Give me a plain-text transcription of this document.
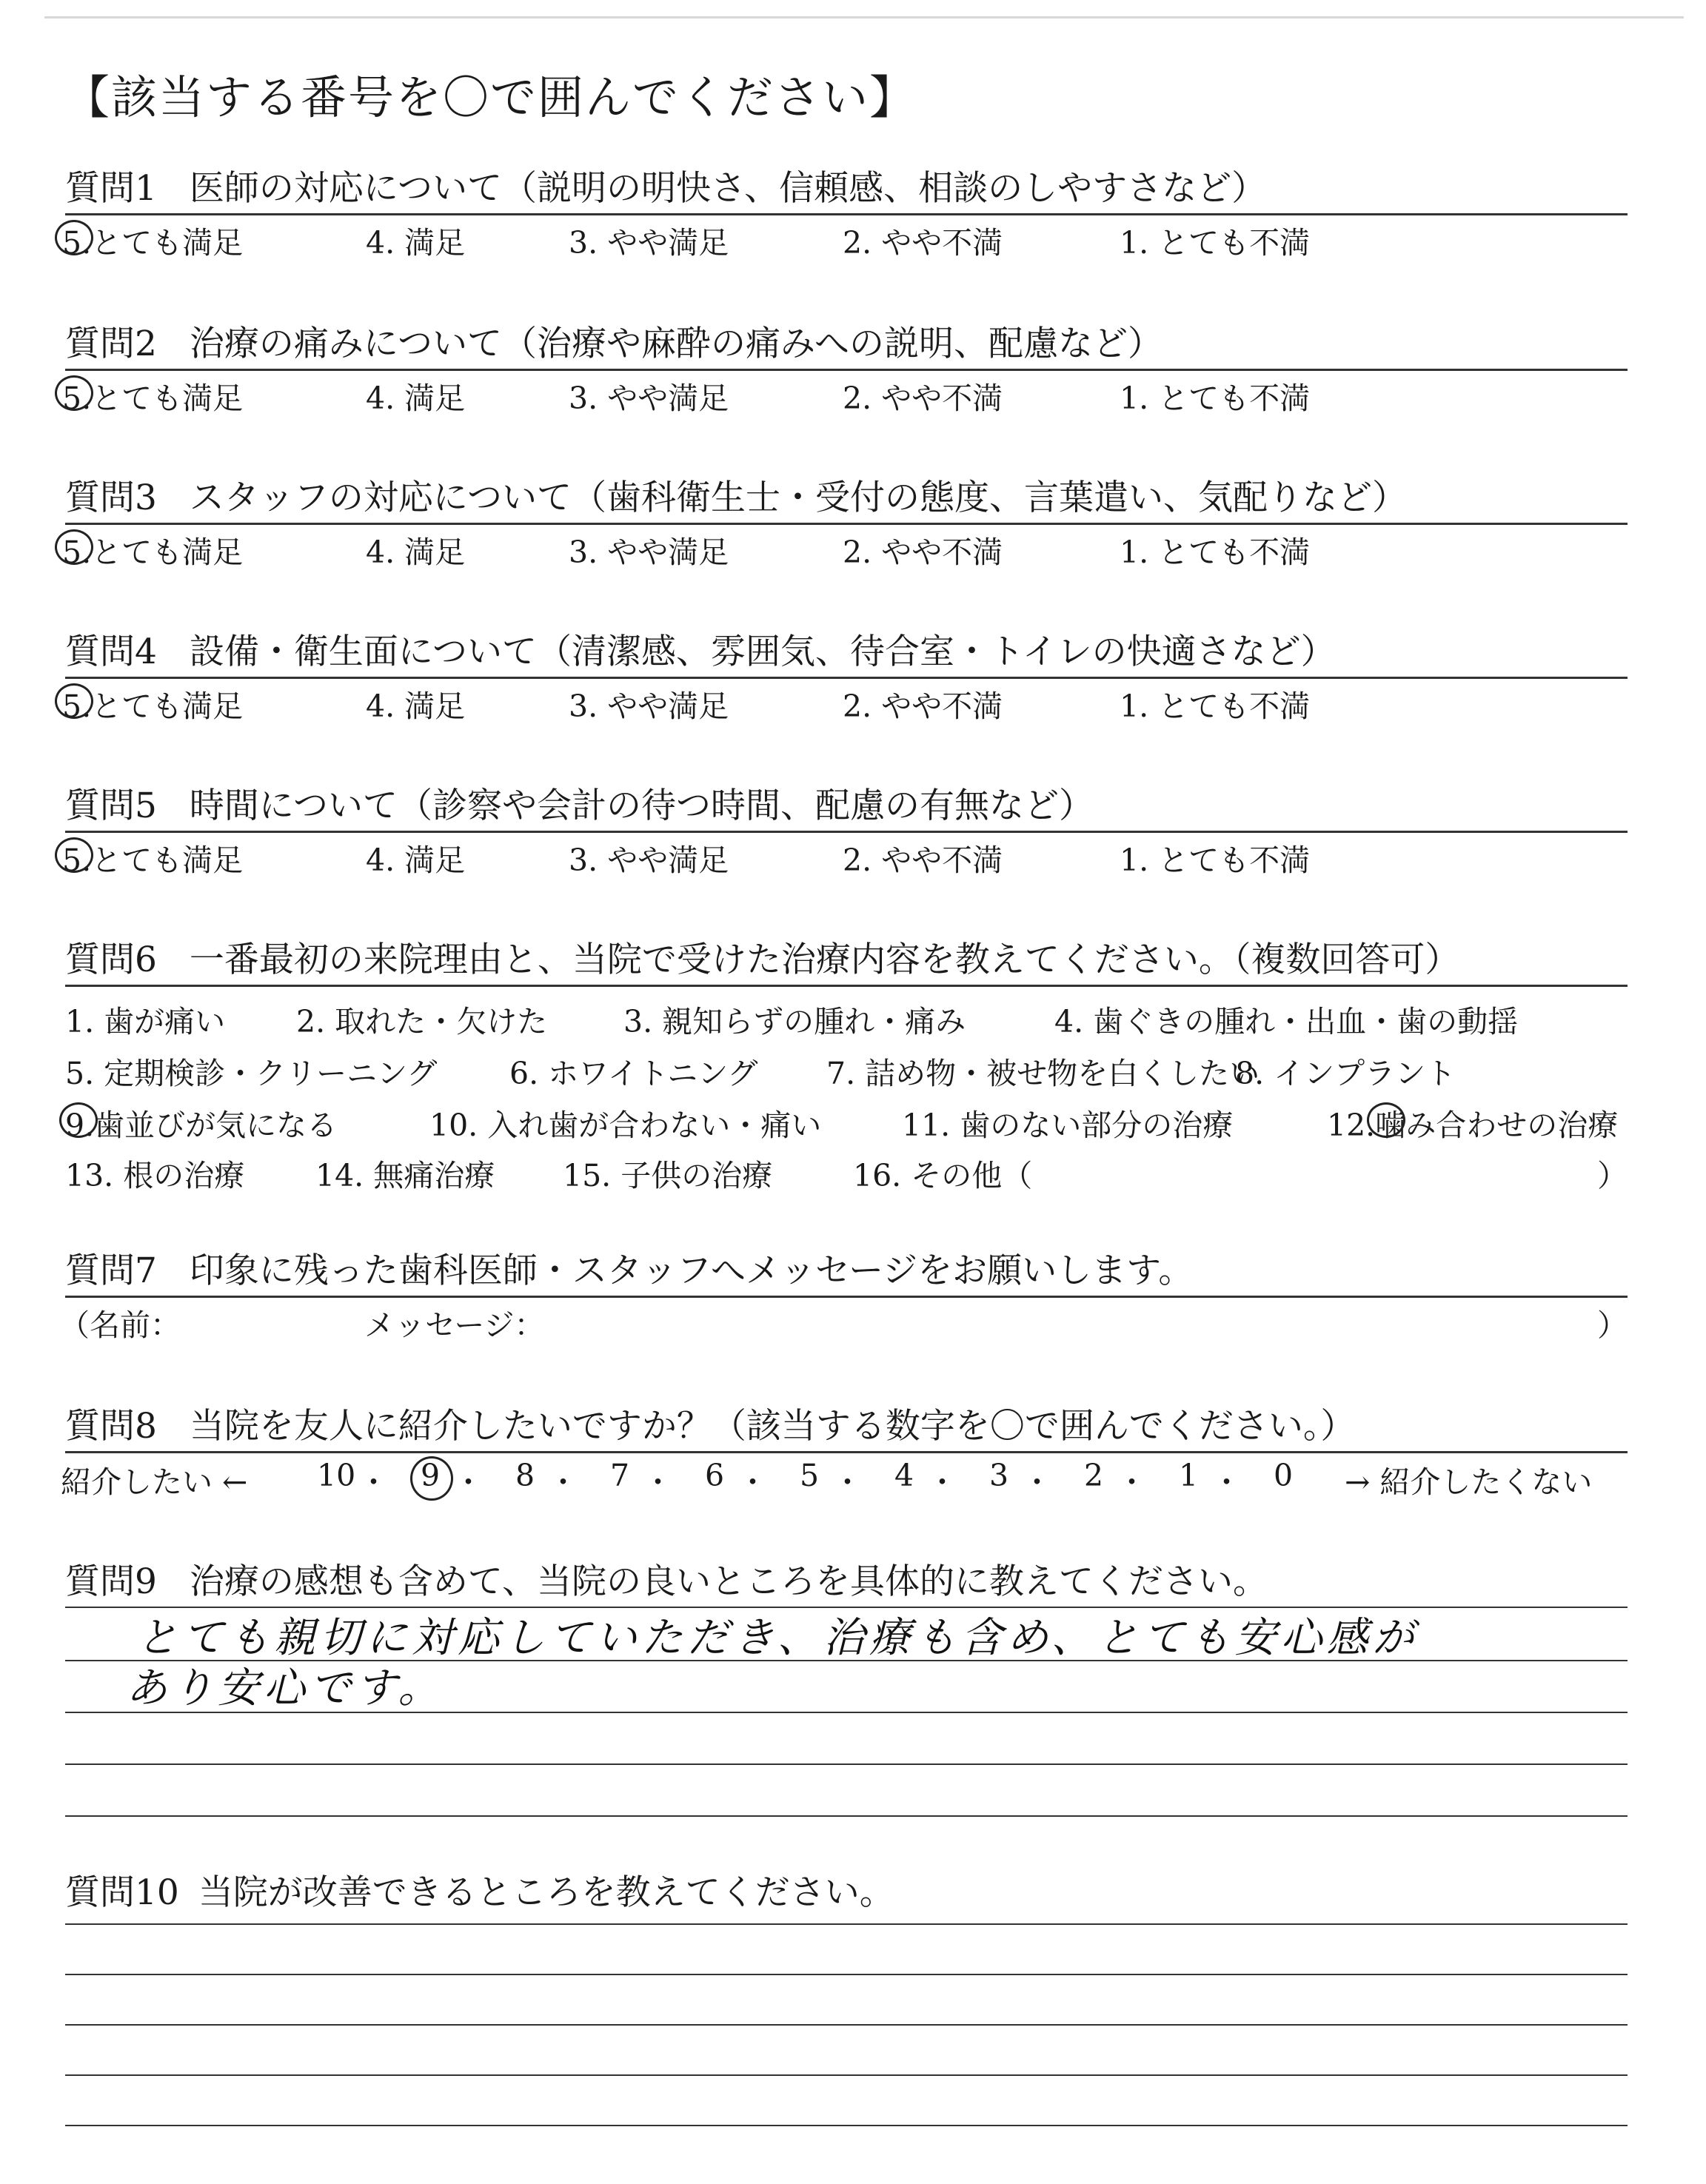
【該当する番号を〇で囲んでください】
質問1 医師の対応について（説明の明快さ、信頼感、相談のしやすさなど）
5.とても満足	4. 満足	3. やや満足	2. やや不満	1. とても不満
質問2 治療の痛みについて（治療や麻酔の痛みへの説明、配慮など）
5.とても満足	4. 満足	3. やや満足	2. やや不満	1. とても不満
質問3 スタッフの対応について（歯科衛生士・受付の態度、言葉遣い、気配りなど）
5.とても満足	4. 満足	3. やや満足	2. やや不満	1. とても不満
質問4 設備・衛生面について（清潔感、雰囲気、待合室・トイレの快適さなど）
5.とても満足	4. 満足	3. やや満足	2. やや不満	1. とても不満
質問5 時間について（診察や会計の待つ時間、配慮の有無など）
5.とても満足	4. 満足	3. やや満足	2. やや不満	1. とても不満
質問6 一番最初の来院理由と、当院で受けた治療内容を教えてください。（複数回答可）
1. 歯が痛い 2. 取れた・欠けた	3. 親知らずの腫れ・痛み	4. 歯ぐきの腫れ・出血・歯の動揺
5. 定期検診・クリーニング 6. ホワイトニング 7. 詰め物・被せ物を白くしたい
8. インプラント
9.歯並びが気になる	10. 入れ歯が合わない・痛い	11. 歯のない部分の治療	12.噛み合わせの治療
13. 根の治療 14. 無痛治療 15. 子供の治療	16. その他（	）
質問7 印象に残った歯科医師・スタッフへメッセージをお願いします。
（名前：	メッセージ：	）
質問8 当院を友人に紹介したいですか？（該当する数字を〇で囲んでください。）
紹介したい ←	→ 紹介したくない
10 ・ 9 ・ 8 ・ 7 ・ 6 ・ 5 ・ 4 ・ 3 ・ 2 ・ 1 ・ 0
質問9 治療の感想も含めて、当院の良いところを具体的に教えてください。
とても親切に対応していただき、治療も含め、とても安心感が
あり安心です。
質問10 当院が改善できるところを教えてください。
